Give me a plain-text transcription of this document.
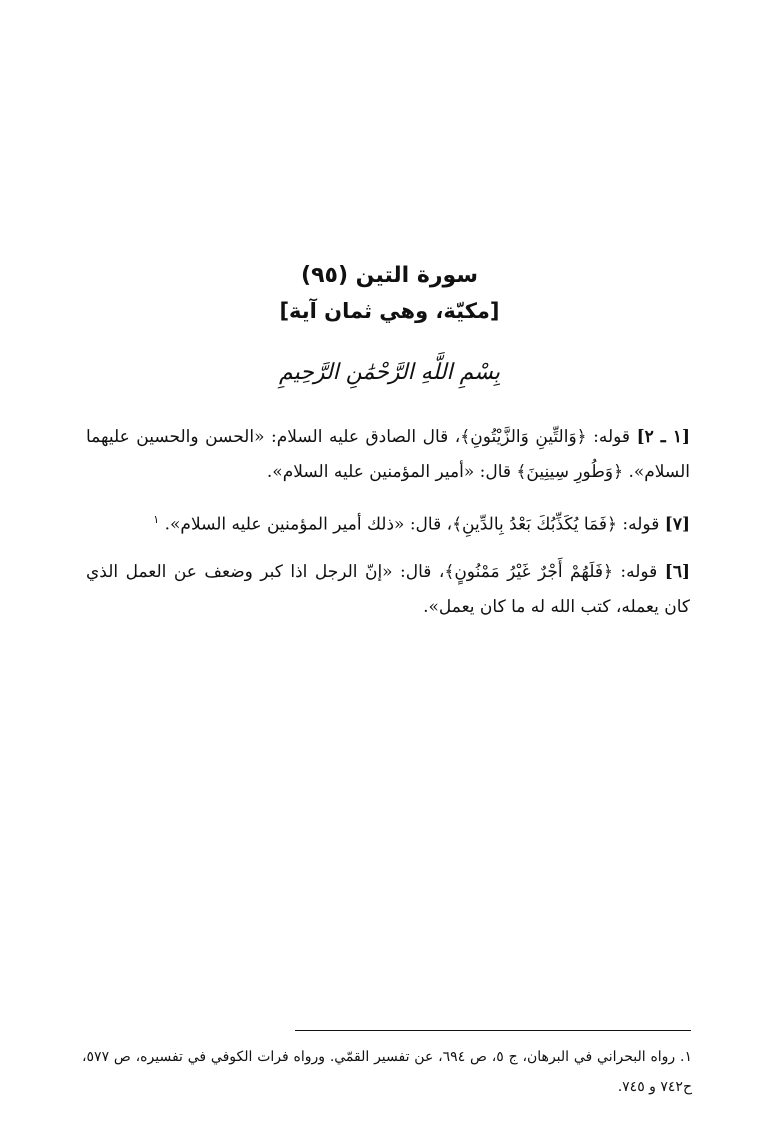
سورة التين (٩٥)

[مكيّة، وهي ثمان آية]

بِسْمِ اللَّهِ الرَّحْمَٰنِ الرَّحِيمِ

[١ ـ ٢] قوله: ﴿وَالتِّينِ وَالزَّيْتُونِ﴾، قال الصادق عليه السلام: «الحسن والحسين عليهما السلام». ﴿وَطُورِ سِينِينَ﴾ قال: «أمير المؤمنين عليه السلام».

[٧] قوله: ﴿فَمَا يُكَذِّبُكَ بَعْدُ بِالدِّينِ﴾، قال: «ذلك أمير المؤمنين عليه السلام». $^١$

[٦] قوله: ﴿فَلَهُمْ أَجْرٌ غَيْرُ مَمْنُونٍ﴾، قال: «إنّ الرجل اذا كبر وضعف عن العمل الذي كان يعمله، كتب الله له ما كان يعمل».

١. رواه البحراني في البرهان، ج ٥، ص ٦٩٤، عن تفسير القمّي. ورواه فرات الكوفي في تفسيره، ص ٥٧٧، ح٧٤٢ و ٧٤٥.
